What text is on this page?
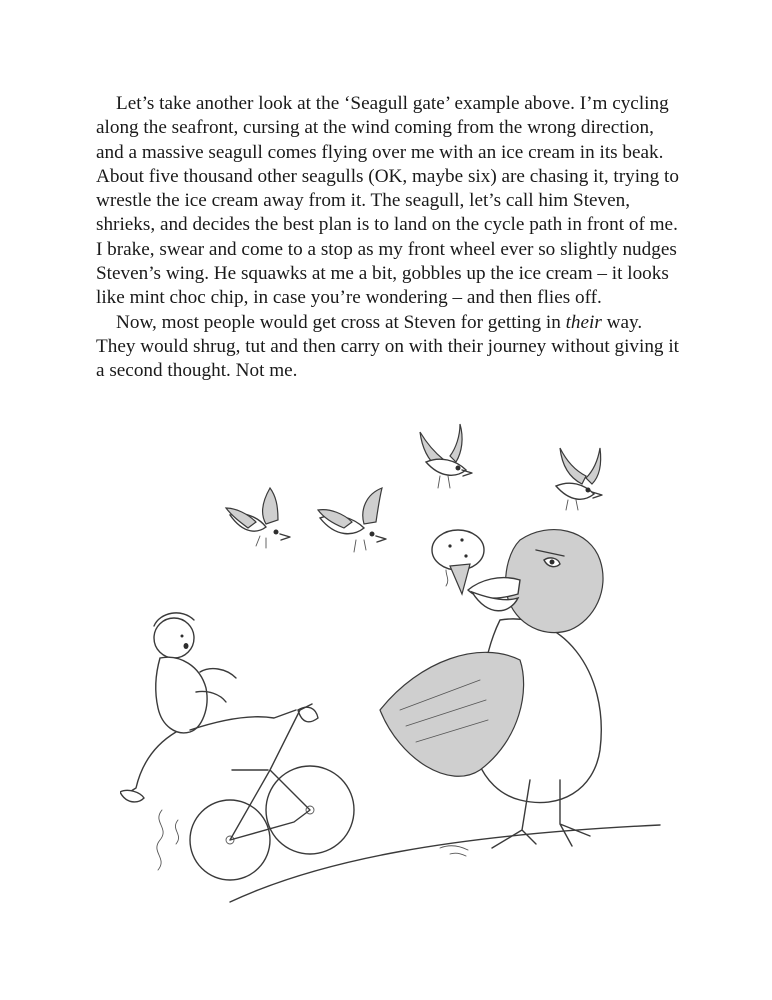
Let’s take another look at the ‘Seagull gate’ example above. I’m cycling
along the seafront, cursing at the wind coming from the wrong direction,
and a massive seagull comes flying over me with an ice cream in its beak.
About five thousand other seagulls (OK, maybe six) are chasing it, trying to
wrestle the ice cream away from it. The seagull, let’s call him Steven,
shrieks, and decides the best plan is to land on the cycle path in front of me.
I brake, swear and come to a stop as my front wheel ever so slightly nudges
Steven’s wing. He squawks at me a bit, gobbles up the ice cream – it looks
like mint choc chip, in case you’re wondering – and then flies off.

Now, most people would get cross at Steven for getting in their way.
They would shrug, tut and then carry on with their journey without giving it
a second thought. Not me.
